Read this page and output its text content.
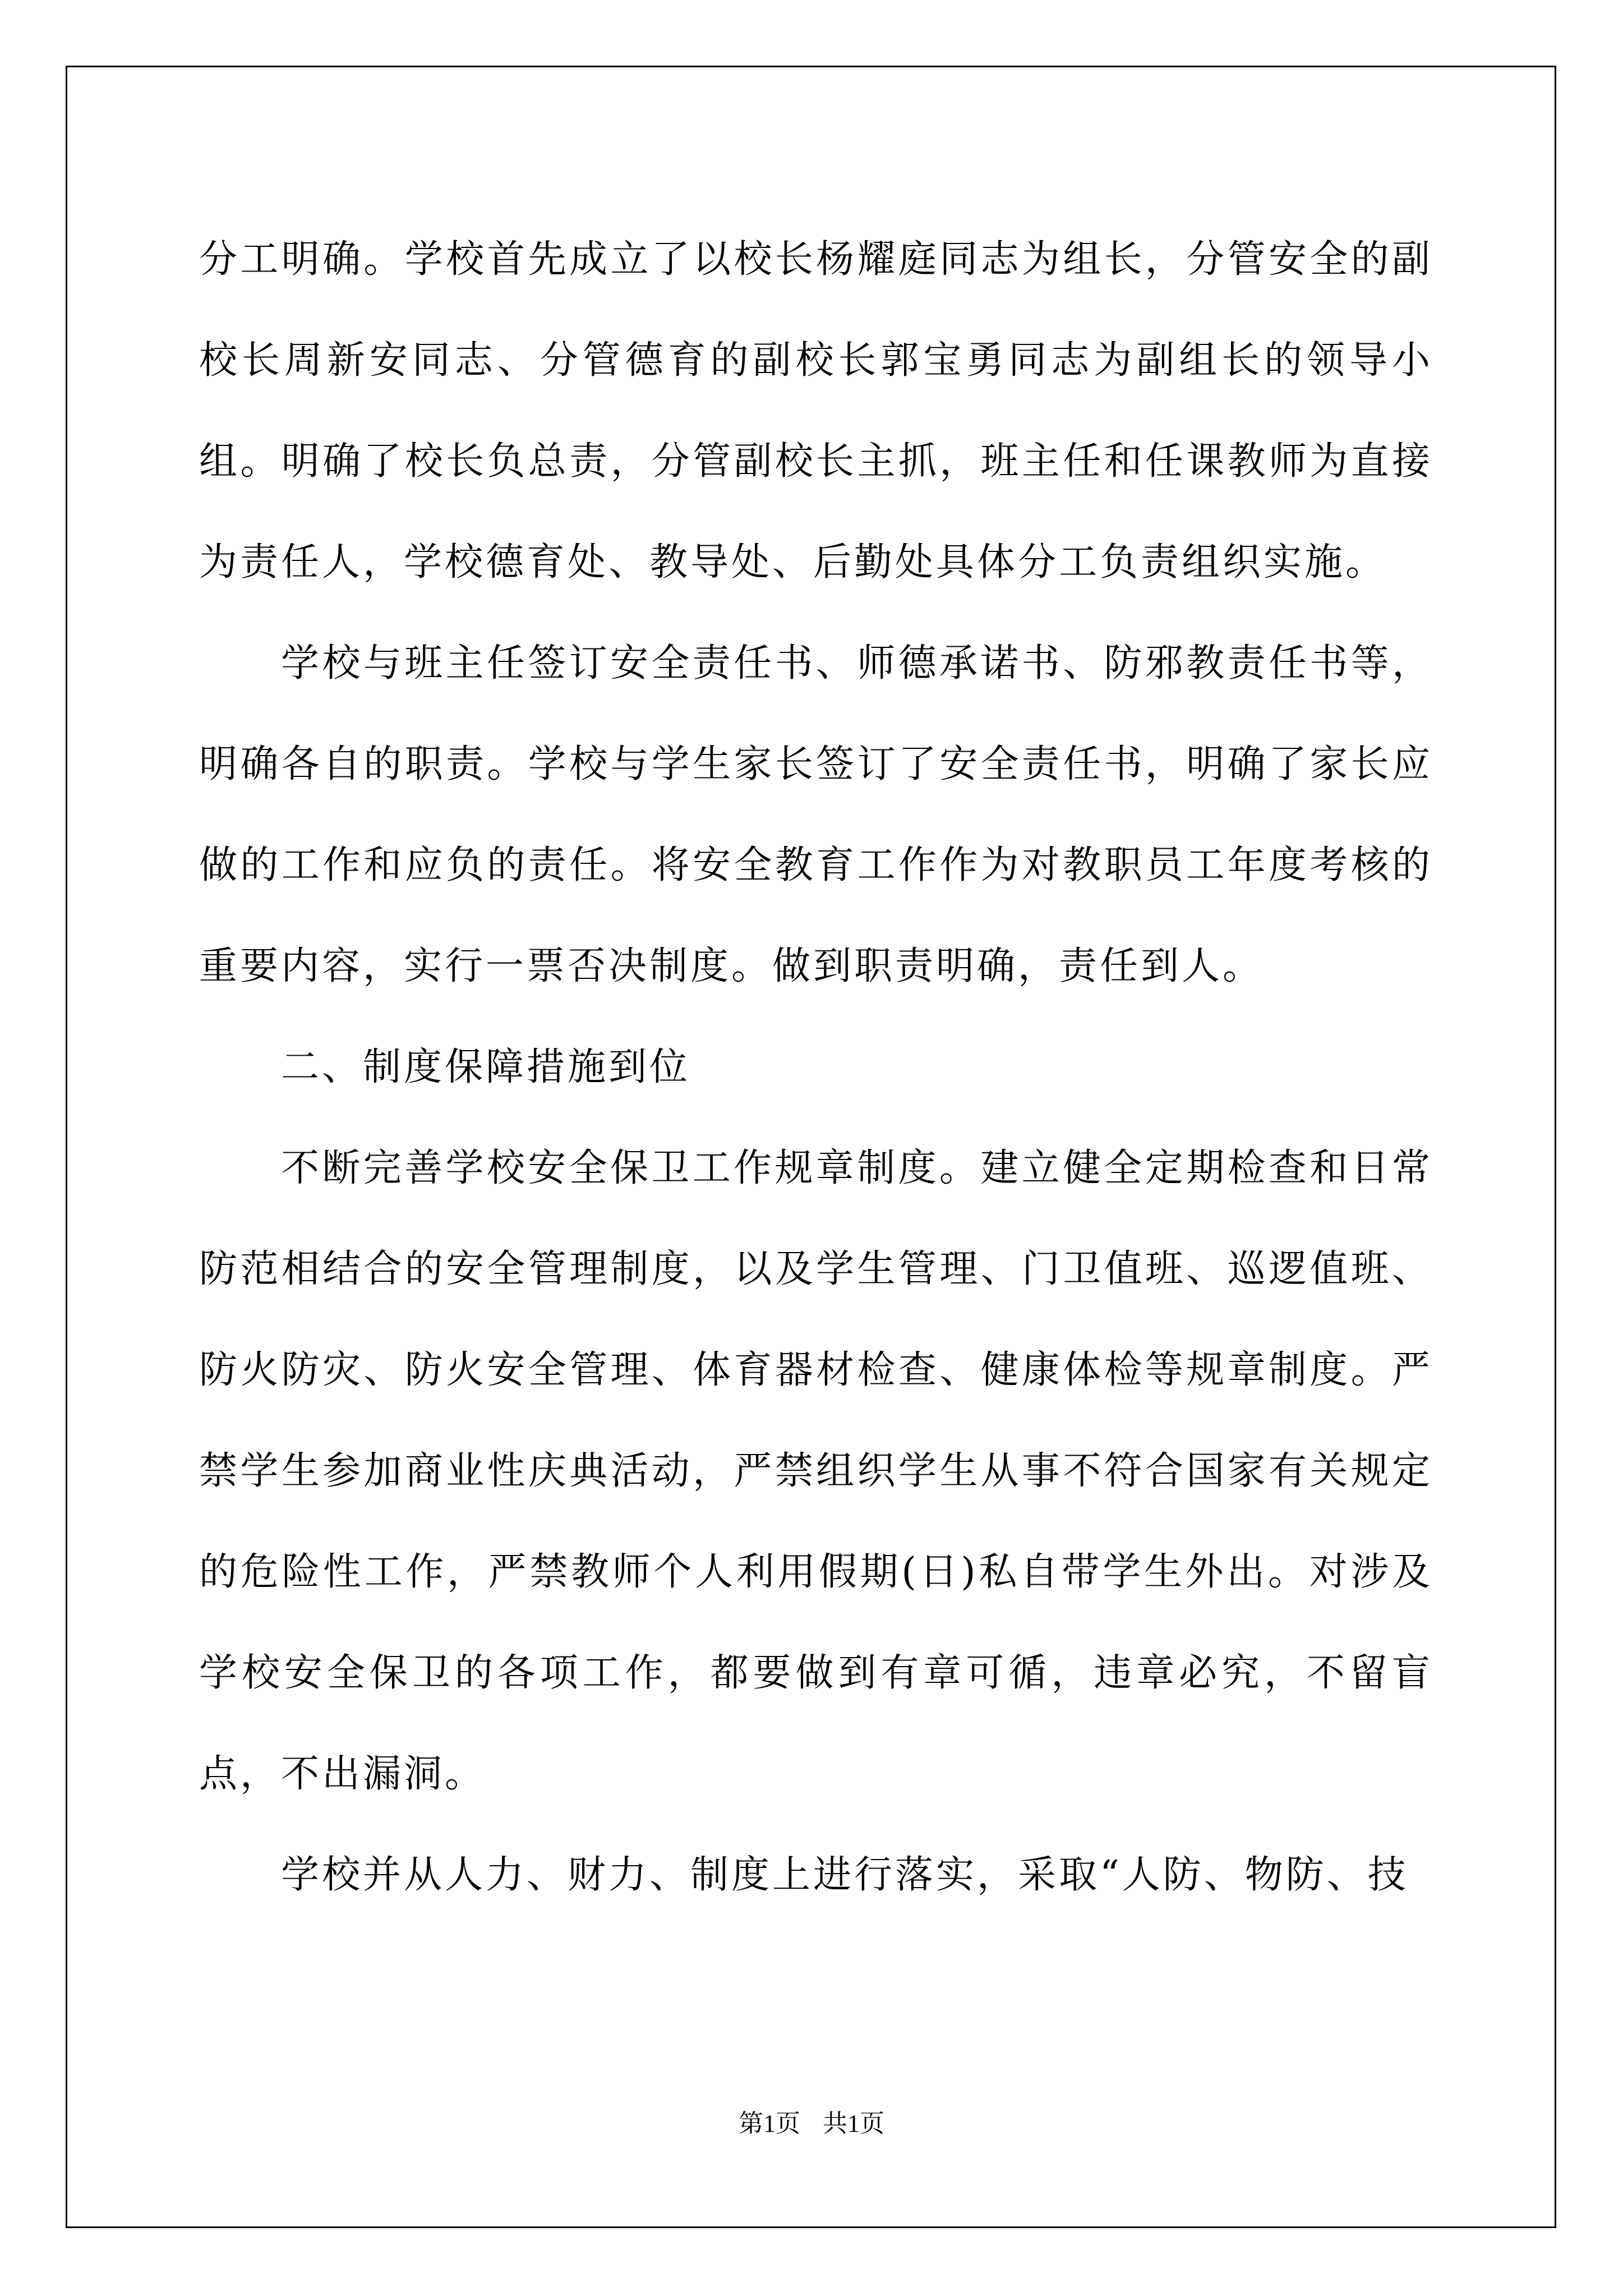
分工明确。学校首先成立了以校长杨耀庭同志为组长，分管安全的副校长周新安同志、分管德育的副校长郭宝勇同志为副组长的领导小组。明确了校长负总责，分管副校长主抓，班主任和任课教师为直接为责任人，学校德育处、教导处、后勤处具体分工负责组织实施。

学校与班主任签订安全责任书、师德承诺书、防邪教责任书等，明确各自的职责。学校与学生家长签订了安全责任书，明确了家长应做的工作和应负的责任。将安全教育工作作为对教职员工年度考核的重要内容，实行一票否决制度。做到职责明确，责任到人。

二、制度保障措施到位

不断完善学校安全保卫工作规章制度。建立健全定期检查和日常防范相结合的安全管理制度，以及学生管理、门卫值班、巡逻值班、防火防灾、防火安全管理、体育器材检查、健康体检等规章制度。严禁学生参加商业性庆典活动，严禁组织学生从事不符合国家有关规定的危险性工作，严禁教师个人利用假期(日)私自带学生外出。对涉及学校安全保卫的各项工作，都要做到有章可循，违章必究，不留盲点，不出漏洞。

学校并从人力、财力、制度上进行落实，采取“人防、物防、技

第1页 共1页
